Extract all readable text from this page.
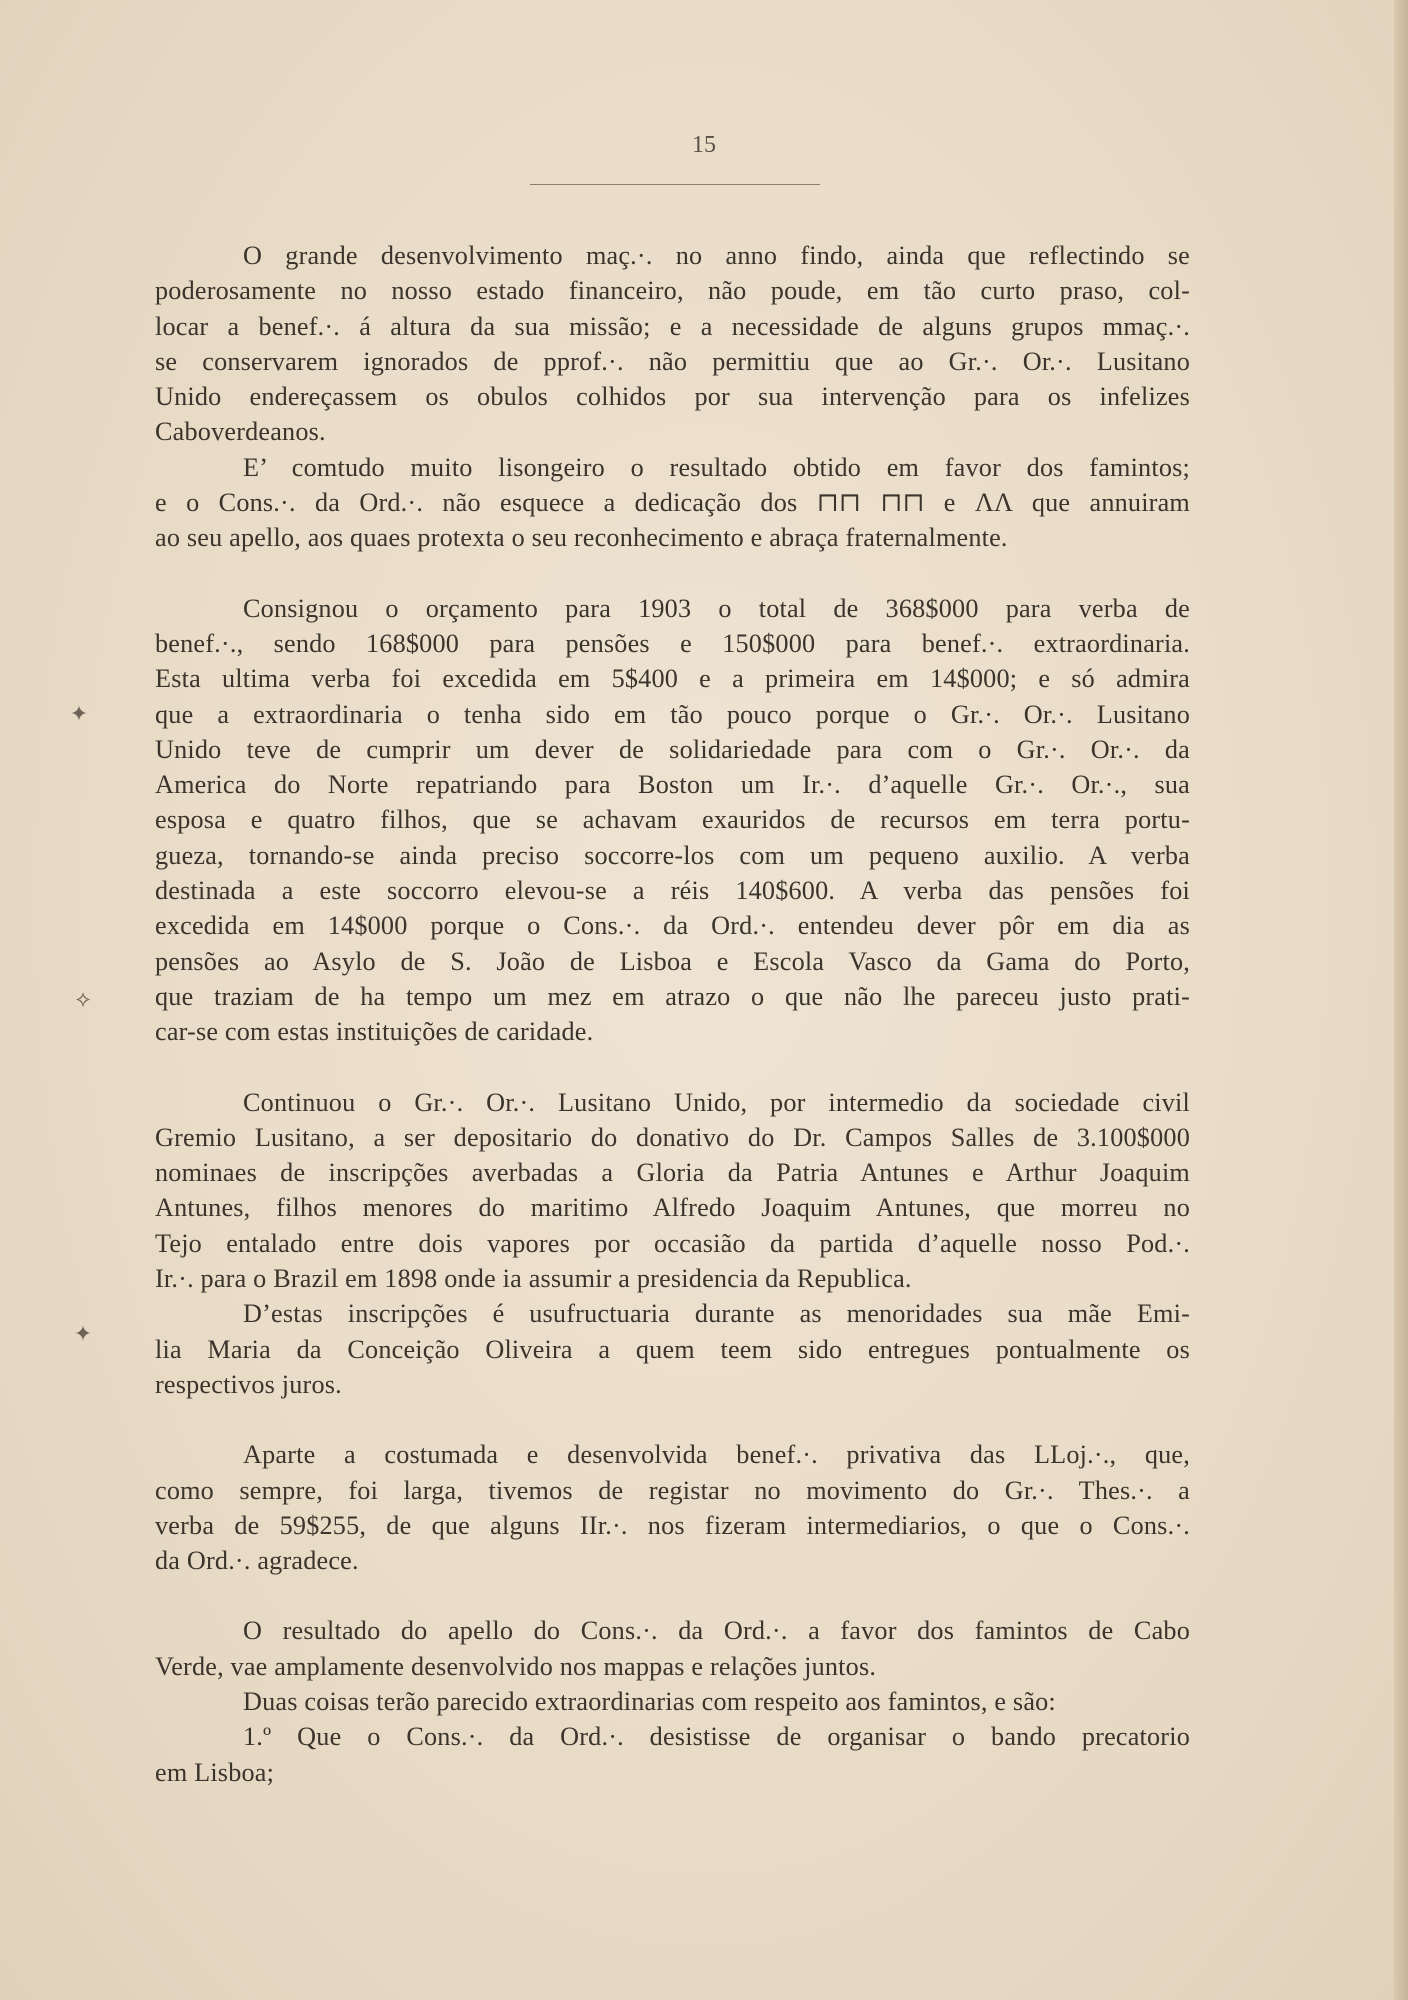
15
✦
⟡
✦

O grande desenvolvimento maç.·. no anno findo, ainda que reflectindo se
poderosamente no nosso estado financeiro, não poude, em tão curto praso, col-
locar a benef.·. á altura da sua missão; e a necessidade de alguns grupos mmaç.·.
se conservarem ignorados de pprof.·. não permittiu que ao Gr.·. Or.·. Lusitano
Unido endereçassem os obulos colhidos por sua intervenção para os infelizes
Caboverdeanos.

E’ comtudo muito lisongeiro o resultado obtido em favor dos famintos;
e o Cons.·. da Ord.·. não esquece a dedicação dos ⊓⊓ ⊓⊓ e ΛΛ que annuiram
ao seu apello, aos quaes protexta o seu reconhecimento e abraça fraternalmente.

Consignou o orçamento para 1903 o total de 368$000 para verba de
benef.·., sendo 168$000 para pensões e 150$000 para benef.·. extraordinaria.
Esta ultima verba foi excedida em 5$400 e a primeira em 14$000; e só admira
que a extraordinaria o tenha sido em tão pouco porque o Gr.·. Or.·. Lusitano
Unido teve de cumprir um dever de solidariedade para com o Gr.·. Or.·. da
America do Norte repatriando para Boston um Ir.·. d’aquelle Gr.·. Or.·., sua
esposa e quatro filhos, que se achavam exauridos de recursos em terra portu-
gueza, tornando-se ainda preciso soccorre-los com um pequeno auxilio. A verba
destinada a este soccorro elevou-se a réis 140$600. A verba das pensões foi
excedida em 14$000 porque o Cons.·. da Ord.·. entendeu dever pôr em dia as
pensões ao Asylo de S. João de Lisboa e Escola Vasco da Gama do Porto,
que traziam de ha tempo um mez em atrazo o que não lhe pareceu justo prati-
car-se com estas instituições de caridade.

Continuou o Gr.·. Or.·. Lusitano Unido, por intermedio da sociedade civil
Gremio Lusitano, a ser depositario do donativo do Dr. Campos Salles de 3.100$000
nominaes de inscripções averbadas a Gloria da Patria Antunes e Arthur Joaquim
Antunes, filhos menores do maritimo Alfredo Joaquim Antunes, que morreu no
Tejo entalado entre dois vapores por occasião da partida d’aquelle nosso Pod.·.
Ir.·. para o Brazil em 1898 onde ia assumir a presidencia da Republica.

D’estas inscripções é usufructuaria durante as menoridades sua mãe Emi-
lia Maria da Conceição Oliveira a quem teem sido entregues pontualmente os
respectivos juros.

Aparte a costumada e desenvolvida benef.·. privativa das LLoj.·., que,
como sempre, foi larga, tivemos de registar no movimento do Gr.·. Thes.·. a
verba de 59$255, de que alguns IIr.·. nos fizeram intermediarios, o que o Cons.·.
da Ord.·. agradece.

O resultado do apello do Cons.·. da Ord.·. a favor dos famintos de Cabo
Verde, vae amplamente desenvolvido nos mappas e relações juntos.

Duas coisas terão parecido extraordinarias com respeito aos famintos, e são:

1.º Que o Cons.·. da Ord.·. desistisse de organisar o bando precatorio
em Lisboa;
